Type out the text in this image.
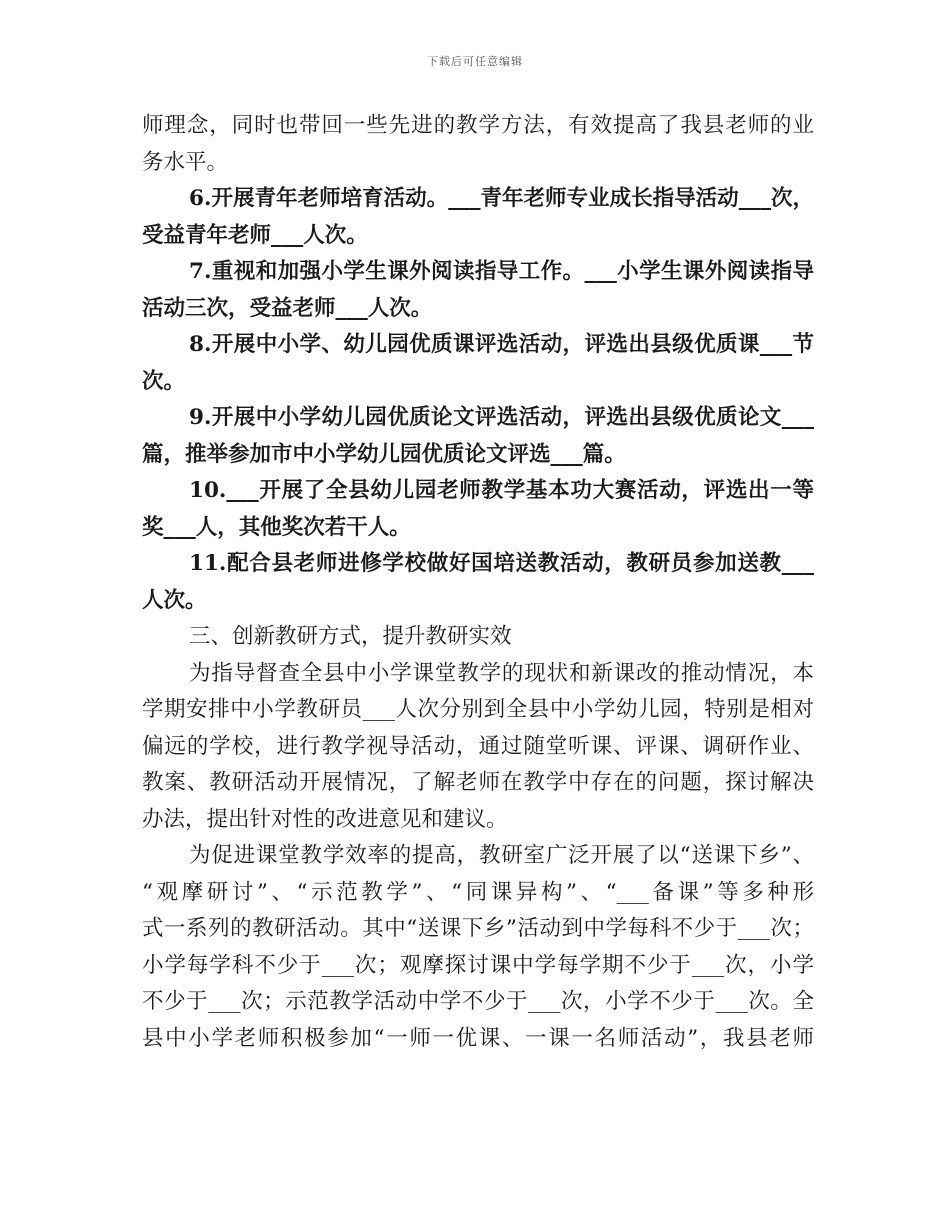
下载后可任意编辑
师理念，同时也带回一些先进的教学方法，有效提高了我县老师的业
务水平。
6.开展青年老师培育活动。___青年老师专业成长指导活动___次，
受益青年老师___人次。
7.重视和加强小学生课外阅读指导工作。___小学生课外阅读指导
活动三次，受益老师___人次。
8.开展中小学、幼儿园优质课评选活动，评选出县级优质课___节
次。
9.开展中小学幼儿园优质论文评选活动，评选出县级优质论文___
篇，推举参加市中小学幼儿园优质论文评选___篇。
10.___开展了全县幼儿园老师教学基本功大赛活动，评选出一等
奖___人，其他奖次若干人。
11.配合县老师进修学校做好国培送教活动，教研员参加送教___
人次。
三、创新教研方式，提升教研实效
为指导督查全县中小学课堂教学的现状和新课改的推动情况，本
学期安排中小学教研员___人次分别到全县中小学幼儿园，特别是相对
偏远的学校，进行教学视导活动，通过随堂听课、评课、调研作业、
教案、教研活动开展情况，了解老师在教学中存在的问题，探讨解决
办法，提出针对性的改进意见和建议。
为促进课堂教学效率的提高，教研室广泛开展了以“送课下乡”、
“观摩研讨”、“示范教学”、“同课异构”、“___备课”等多种形
式一系列的教研活动。其中“送课下乡”活动到中学每科不少于___次；
小学每学科不少于___次；观摩探讨课中学每学期不少于___次，小学
不少于___次；示范教学活动中学不少于___次，小学不少于___次。全
县中小学老师积极参加“一师一优课、一课一名师活动”，我县老师
